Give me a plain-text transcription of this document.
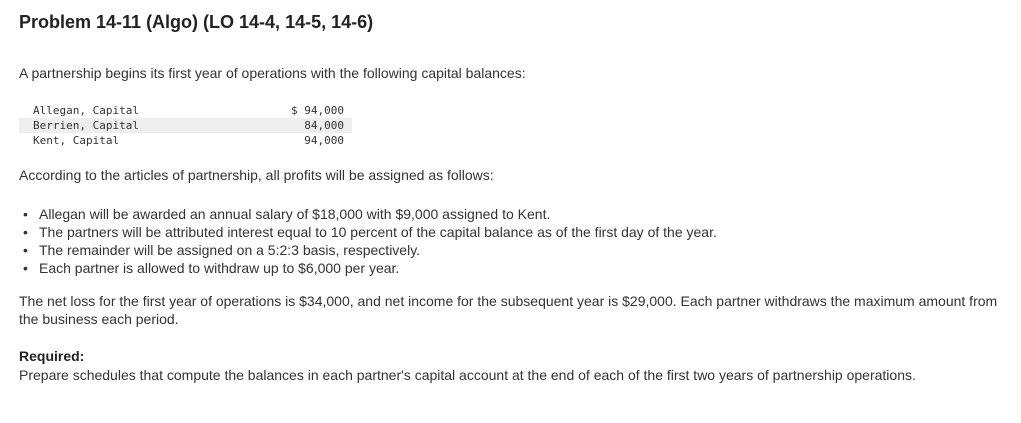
Problem 14-11 (Algo) (LO 14-4, 14-5, 14-6)
A partnership begins its first year of operations with the following capital balances:
Allegan, Capital	$ 94,000
Berrien, Capital	84,000
Kent, Capital	94,000
According to the articles of partnership, all profits will be assigned as follows:
• Allegan will be awarded an annual salary of $18,000 with $9,000 assigned to Kent.
• The partners will be attributed interest equal to 10 percent of the capital balance as of the first day of the year.
• The remainder will be assigned on a 5:2:3 basis, respectively.
• Each partner is allowed to withdraw up to $6,000 per year.
The net loss for the first year of operations is $34,000, and net income for the subsequent year is $29,000. Each partner withdraws the maximum amount from the business each period.
Required:
Prepare schedules that compute the balances in each partner's capital account at the end of each of the first two years of partnership operations.
